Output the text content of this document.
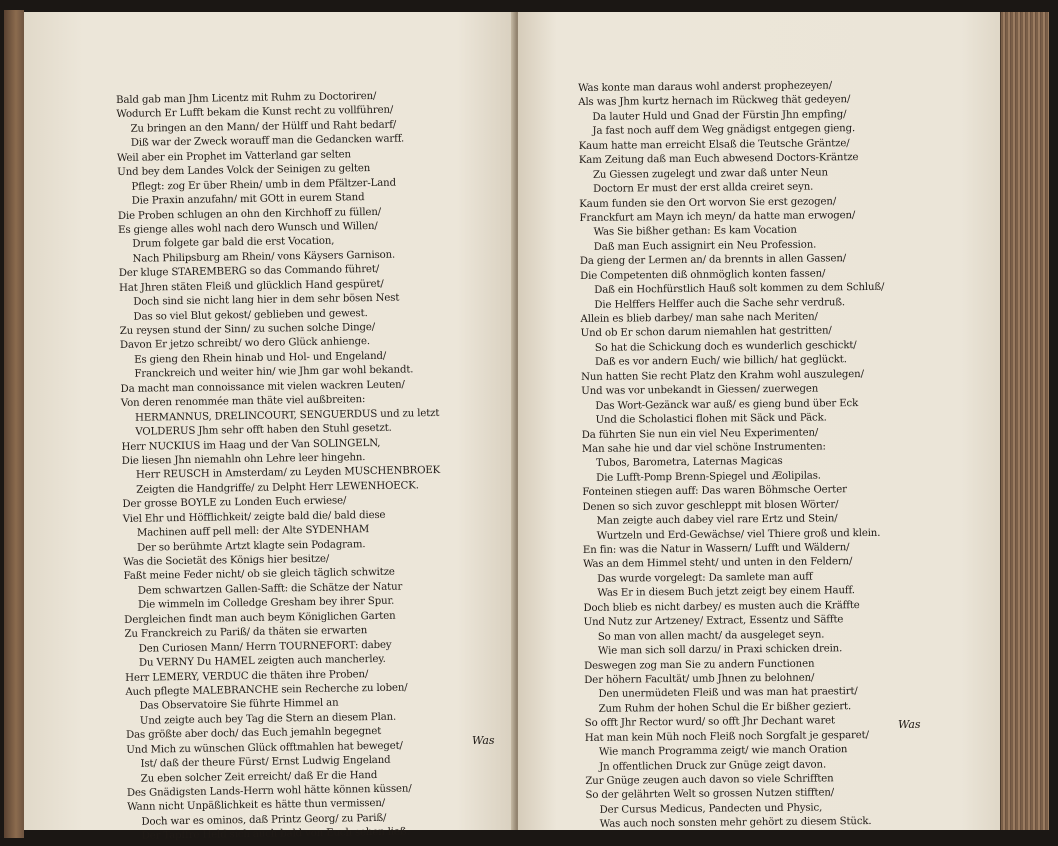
Bald gab man Jhm Licentz mit Ruhm zu Doctoriren/
Wodurch Er Lufft bekam die Kunst recht zu vollführen/
Zu bringen an den Mann/ der Hülff und Raht bedarf/
Diß war der Zweck worauff man die Gedancken warff.
Weil aber ein Prophet im Vatterland gar selten
Und bey dem Landes Volck der Seinigen zu gelten
Pflegt: zog Er über Rhein/ umb in dem Pfältzer-Land
Die Praxin anzufahn/ mit GOtt in eurem Stand
Die Proben schlugen an ohn den Kirchhoff zu füllen/
Es gienge alles wohl nach dero Wunsch und Willen/
Drum folgete gar bald die erst Vocation,
Nach Philipsburg am Rhein/ vons Käysers Garnison.
Der kluge STAREMBERG so das Commando führet/
Hat Jhren stäten Fleiß und glücklich Hand gespüret/
Doch sind sie nicht lang hier in dem sehr bösen Nest
Das so viel Blut gekost/ geblieben und gewest.
Zu reysen stund der Sinn/ zu suchen solche Dinge/
Davon Er jetzo schreibt/ wo dero Glück anhienge.
Es gieng den Rhein hinab und Hol- und Engeland/
Franckreich und weiter hin/ wie Jhm gar wohl bekandt.
Da macht man connoissance mit vielen wackren Leuten/
Von deren renommée man thäte viel außbreiten:
HERMANNUS, DRELINCOURT, SENGUERDUS und zu letzt
VOLDERUS Jhm sehr offt haben den Stuhl gesetzt.
Herr NUCKIUS im Haag und der Van SOLINGELN,
Die liesen Jhn niemahln ohn Lehre leer hingehn.
Herr REUSCH in Amsterdam/ zu Leyden MUSCHENBROEK
Zeigten die Handgriffe/ zu Delpht Herr LEWENHOECK.
Der grosse BOYLE zu Londen Euch erwiese/
Viel Ehr und Höfflichkeit/ zeigte bald die/ bald diese
Machinen auff pell mell: der Alte SYDENHAM
Der so berühmte Artzt klagte sein Podagram.
Was die Societät des Königs hier besitze/
Faßt meine Feder nicht/ ob sie gleich täglich schwitze
Dem schwartzen Gallen-Safft: die Schätze der Natur
Die wimmeln im Colledge Gresham bey ihrer Spur.
Dergleichen findt man auch beym Königlichen Garten
Zu Franckreich zu Pariß/ da thäten sie erwarten
Den Curiosen Mann/ Herrn TOURNEFORT: dabey
Du VERNY Du HAMEL zeigten auch mancherley.
Herr LEMERY, VERDUC die thäten ihre Proben/
Auch pflegte MALEBRANCHE sein Recherche zu loben/
Das Observatoire Sie führte Himmel an
Und zeigte auch bey Tag die Stern an diesem Plan.
Das größte aber doch/ das Euch jemahln begegnet
Und Mich zu wünschen Glück offtmahlen hat beweget/
Ist/ daß der theure Fürst/ Ernst Ludwig Engeland
Zu eben solcher Zeit erreicht/ daß Er die Hand
Des Gnädigsten Lands-Herrn wohl hätte können küssen/
Wann nicht Unpäßlichkeit es hätte thun vermissen/
Doch war es ominos, daß Printz Georg/ zu Pariß/
Der Tapffre Held sich auch bald von Euch sehen ließ.
Was
Was konte man daraus wohl anderst prophezeyen/
Als was Jhm kurtz hernach im Rückweg thät gedeyen/
Da lauter Huld und Gnad der Fürstin Jhn empfing/
Ja fast noch auff dem Weg gnädigst entgegen gieng.
Kaum hatte man erreicht Elsaß die Teutsche Gräntze/
Kam Zeitung daß man Euch abwesend Doctors-Kräntze
Zu Giessen zugelegt und zwar daß unter Neun
Doctorn Er must der erst allda creiret seyn.
Kaum funden sie den Ort worvon Sie erst gezogen/
Franckfurt am Mayn ich meyn/ da hatte man erwogen/
Was Sie bißher gethan: Es kam Vocation
Daß man Euch assignirt ein Neu Profession.
Da gieng der Lermen an/ da brennts in allen Gassen/
Die Competenten diß ohnmöglich konten fassen/
Daß ein Hochfürstlich Hauß solt kommen zu dem Schluß/
Die Helffers Helffer auch die Sache sehr verdruß.
Allein es blieb darbey/ man sahe nach Meriten/
Und ob Er schon darum niemahlen hat gestritten/
So hat die Schickung doch es wunderlich geschickt/
Daß es vor andern Euch/ wie billich/ hat geglückt.
Nun hatten Sie recht Platz den Krahm wohl auszulegen/
Und was vor unbekandt in Giessen/ zuerwegen
Das Wort-Gezänck war auß/ es gieng bund über Eck
Und die Scholastici flohen mit Säck und Päck.
Da führten Sie nun ein viel Neu Experimenten/
Man sahe hie und dar viel schöne Instrumenten:
Tubos, Barometra, Laternas Magicas
Die Lufft-Pomp Brenn-Spiegel und Æolipilas.
Fonteinen stiegen auff: Das waren Böhmsche Oerter
Denen so sich zuvor geschleppt mit blosen Wörter/
Man zeigte auch dabey viel rare Ertz und Stein/
Wurtzeln und Erd-Gewächse/ viel Thiere groß und klein.
En fin: was die Natur in Wassern/ Lufft und Wäldern/
Was an dem Himmel steht/ und unten in den Feldern/
Das wurde vorgelegt: Da samlete man auff
Was Er in diesem Buch jetzt zeigt bey einem Hauff.
Doch blieb es nicht darbey/ es musten auch die Kräffte
Und Nutz zur Artzeney/ Extract, Essentz und Säffte
So man von allen macht/ da ausgeleget seyn.
Wie man sich soll darzu/ in Praxi schicken drein.
Deswegen zog man Sie zu andern Functionen
Der höhern Facultät/ umb Jhnen zu belohnen/
Den unermüdeten Fleiß und was man hat praestirt/
Zum Ruhm der hohen Schul die Er bißher geziert.
So offt Jhr Rector wurd/ so offt Jhr Dechant waret
Hat man kein Müh noch Fleiß noch Sorgfalt je gesparet/
Wie manch Programma zeigt/ wie manch Oration
Jn offentlichen Druck zur Gnüge zeigt davon.
Zur Gnüge zeugen auch davon so viele Schrifften
So der gelährten Welt so grossen Nutzen stifften/
Der Cursus Medicus, Pandecten und Physic,
Was auch noch sonsten mehr gehört zu diesem Stück.
Was
